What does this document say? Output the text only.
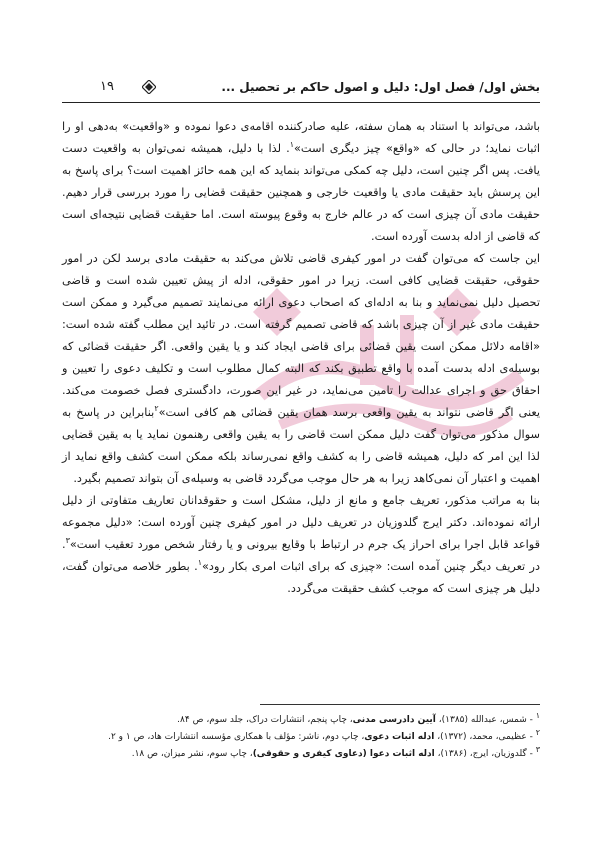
بخش اول/ فصل اول: دلیل و اصول حاکم بر تحصیل ...
۱۹

باشد، می‌تواند با استناد به همان سفته، علیه صادرکننده اقامه‌ی دعوا نموده و «واقعیت» به‌دهی او را اثبات نماید؛ در حالی که «واقع» چیز دیگری است»$^۱$. لذا با دلیل، همیشه نمی‌توان به واقعیت دست یافت. پس اگر چنین است، دلیل چه کمکی می‌تواند بنماید که این همه حائز اهمیت است؟ برای پاسخ به این پرسش باید حقیقت مادی یا واقعیت خارجی و همچنین حقیقت قضایی را مورد بررسی قرار دهیم. حقیقت مادی آن چیزی است که در عالم خارج به وقوع پیوسته است. اما حقیقت قضایی نتیجه‌ای است که قاضی از ادله بدست آورده است.

این جاست که می‌توان گفت در امور کیفری قاضی تلاش می‌کند به حقیقت مادی برسد لکن در امور حقوقی، حقیقت قضایی کافی است. زیرا در امور حقوقی، ادله از پیش تعیین شده است و قاضی تحصیل دلیل نمی‌نماید و بنا به ادله‌ای که اصحاب دعوی ارائه می‌نمایند تصمیم می‌گیرد و ممکن است حقیقت مادی غیر از آن چیزی باشد که قاضی تصمیم گرفته است. در تائید این مطلب گفته شده است: «اقامه دلائل ممکن است یقین قضائی برای قاضی ایجاد کند و یا یقین واقعی. اگر حقیقت قضائی که بوسیله‌ی ادله بدست آمده با واقع تطبیق بکند که البته کمال مطلوب است و تکلیف دعوی را تعیین و احقاق حق و اجرای عدالت را تامین می‌نماید، در غیر این صورت، دادگستری فصل خصومت می‌کند. یعنی اگر قاضی نتواند به یقین واقعی برسد همان یقین قضائی هم کافی است»$^۲$بنابراین در پاسخ به سوال مذکور می‌توان گفت دلیل ممکن است قاضی را به یقین واقعی رهنمون نماید یا به یقین قضایی لذا این امر که دلیل، همیشه قاضی را به کشف واقع نمی‌رساند بلکه ممکن است کشف واقع نماید از اهمیت و اعتبار آن نمی‌کاهد زیرا به هر حال موجب می‌گردد قاضی به وسیله‌ی آن بتواند تصمیم بگیرد.

بنا به مراتب مذکور، تعریف جامع و مانع از دلیل، مشکل است و حقوقدانان تعاریف متفاوتی از دلیل ارائه نموده‌اند. دکتر ایرج گلدوزیان در تعریف دلیل در امور کیفری چنین آورده است: «دلیل مجموعه قواعد قابل اجرا برای احراز یک جرم در ارتباط با وقایع بیرونی و یا رفتار شخص مورد تعقیب است»$^۳$. در تعریف دیگر چنین آمده است: «چیزی که برای اثبات امری بکار رود»$^۱$. بطور خلاصه می‌توان گفت، دلیل هر چیزی است که موجب کشف حقیقت می‌گردد.

۱ - شمس، عبدالله (۱۳۸۵)، آیین دادرسی مدنی، چاپ پنجم، انتشارات دراک، جلد سوم، ص ۸۴.

۲ - عظیمی، محمد، (۱۳۷۲)، ادله اثبات دعوی، چاپ دوم، ناشر: مؤلف با همکاری مؤسسه انتشارات هاد، ص ۱ و ۲.

۳ - گلدوزیان، ایرج، (۱۳۸۶)، ادله اثبات دعوا (دعاوی کیفری و حقوقی)، چاپ سوم، نشر میزان، ص ۱۸.
